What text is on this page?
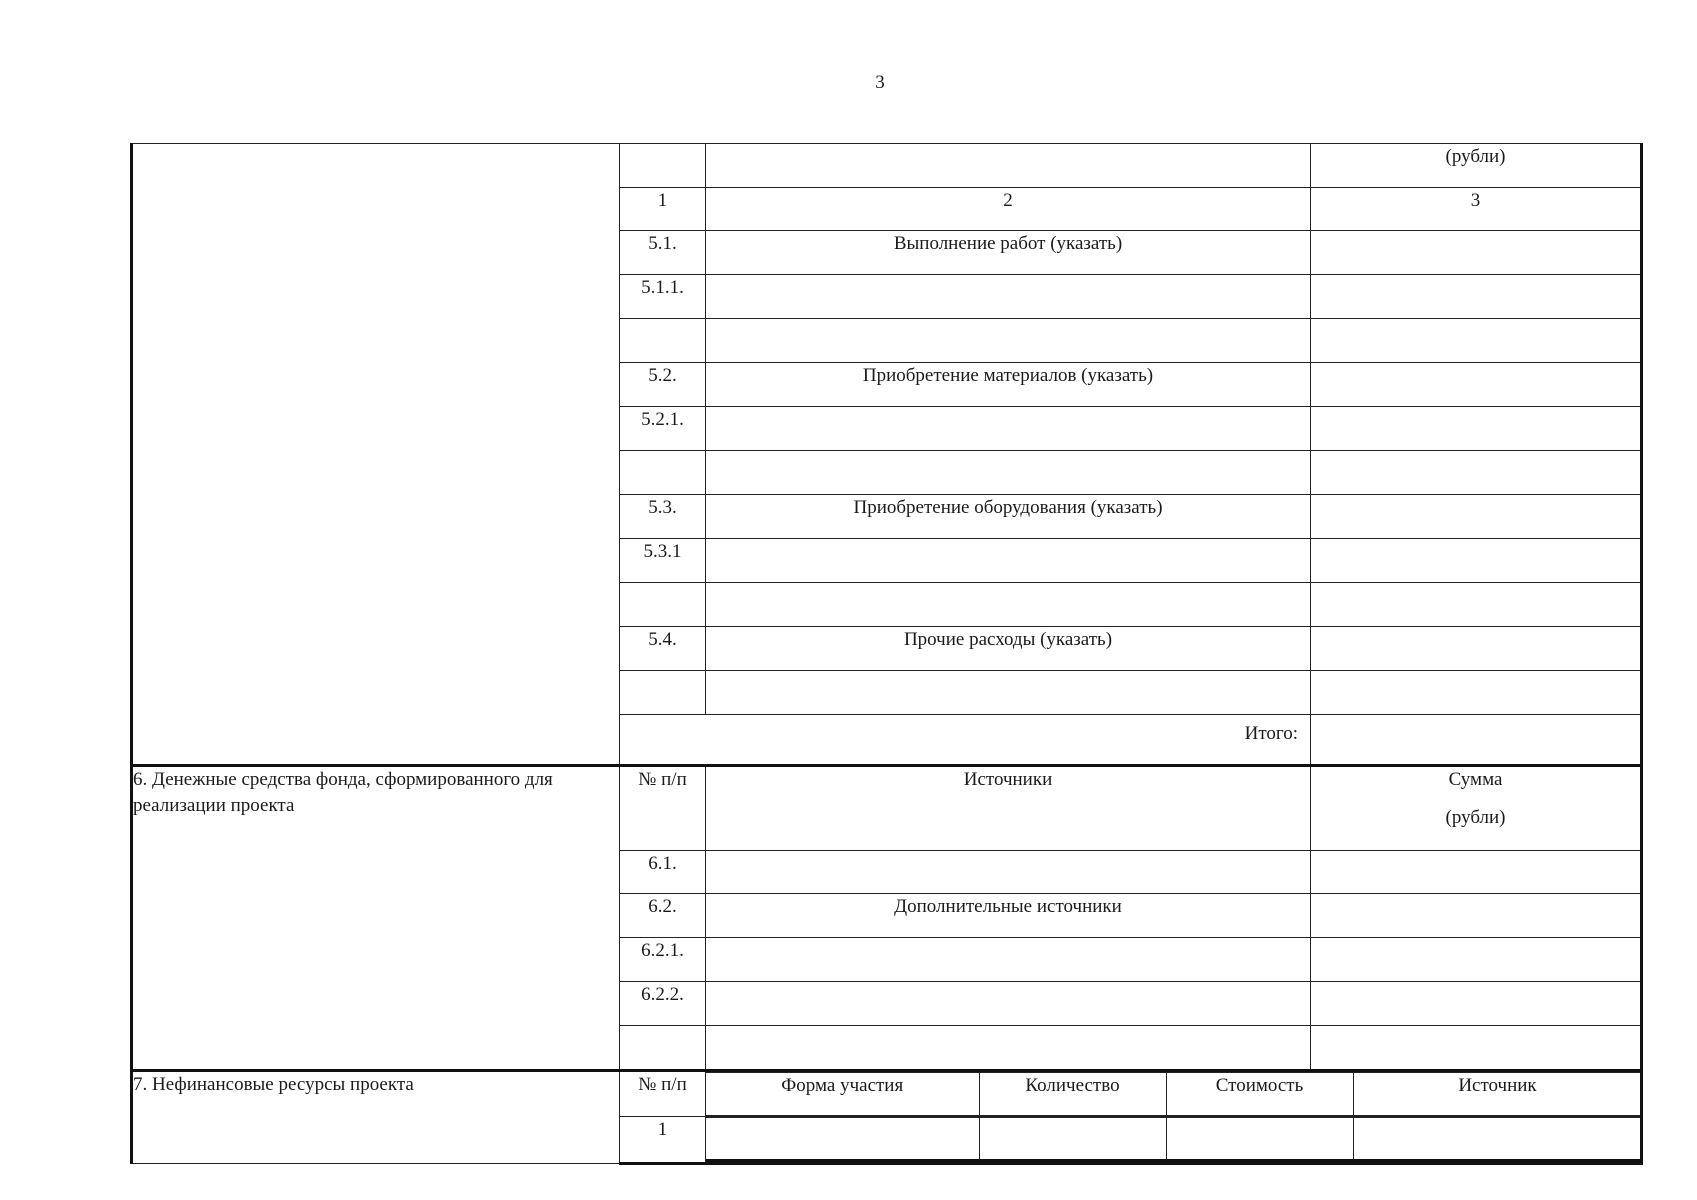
3
			(рубли)
1	2	3
5.1.	Выполнение работ (указать)	
5.1.1.		

5.2.	Приобретение материалов (указать)	
5.2.1.		

5.3.	Приобретение оборудования (указать)	
5.3.1		

5.4.	Прочие расходы (указать)	

Итого:	
6. Денежные средства фонда, сформированного для реализации проекта	№ п/п	Источники	Сумма
(рубли)

6.1.		
6.2.	Дополнительные источники	
6.2.1.		
6.2.2.		

7. Нефинансовые ресурсы проекта	№ п/п		Форма участия	Количество	Стоимость	Источник

1	
